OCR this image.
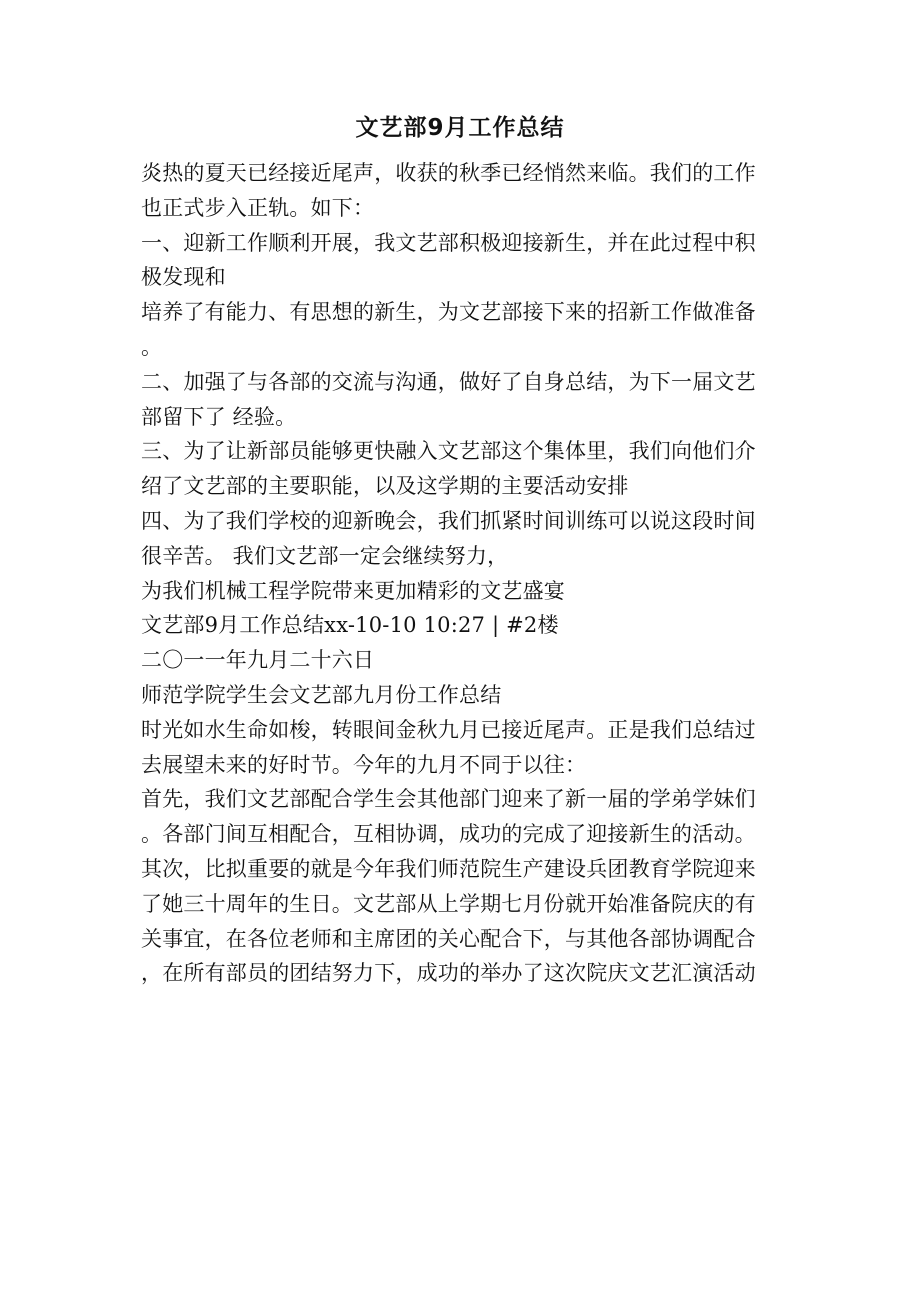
文艺部9月工作总结
炎热的夏天已经接近尾声，收获的秋季已经悄然来临。我们的工作
也正式步入正轨。如下：
一、迎新工作顺利开展，我文艺部积极迎接新生，并在此过程中积
极发现和
培养了有能力、有思想的新生，为文艺部接下来的招新工作做准备
。
二、加强了与各部的交流与沟通，做好了自身总结，为下一届文艺
部留下了 经验。
三、为了让新部员能够更快融入文艺部这个集体里，我们向他们介
绍了文艺部的主要职能，以及这学期的主要活动安排
四、为了我们学校的迎新晚会，我们抓紧时间训练可以说这段时间
很辛苦。 我们文艺部一定会继续努力，
为我们机械工程学院带来更加精彩的文艺盛宴
文艺部9月工作总结xx-10-10 10:27 | #2楼
二〇一一年九月二十六日
师范学院学生会文艺部九月份工作总结
时光如水生命如梭，转眼间金秋九月已接近尾声。正是我们总结过
去展望未来的好时节。今年的九月不同于以往：
首先，我们文艺部配合学生会其他部门迎来了新一届的学弟学妹们
。各部门间互相配合，互相协调，成功的完成了迎接新生的活动。
其次，比拟重要的就是今年我们师范院生产建设兵团教育学院迎来
了她三十周年的生日。文艺部从上学期七月份就开始准备院庆的有
关事宜，在各位老师和主席团的关心配合下，与其他各部协调配合
，在所有部员的团结努力下，成功的举办了这次院庆文艺汇演活动
